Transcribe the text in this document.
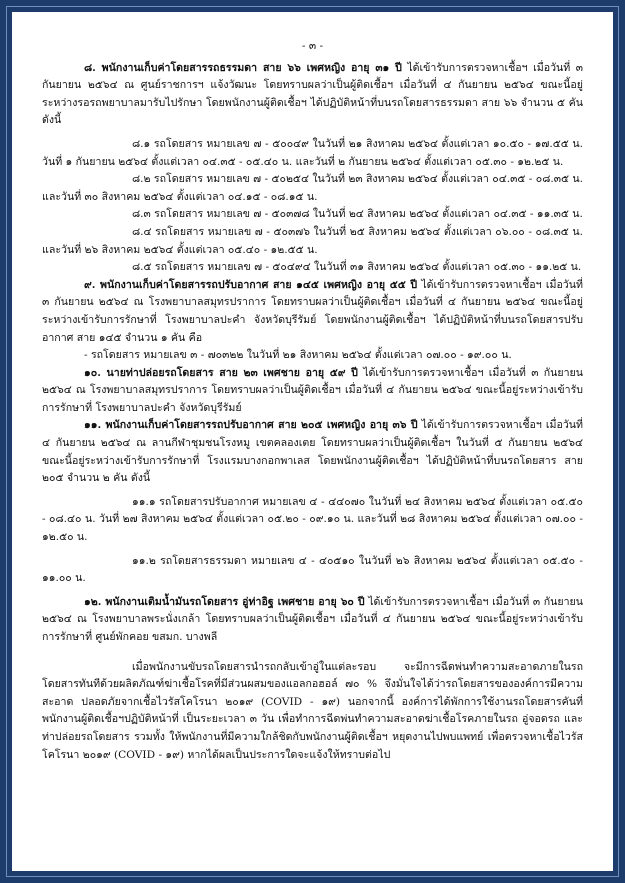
- ๓ -

๘. พนักงานเก็บค่าโดยสารรถธรรมดา สาย ๖๖ เพศหญิง อายุ ๓๑ ปี ได้เข้ารับการตรวจหาเชื้อฯ เมื่อวันที่ ๓ กันยายน ๒๕๖๔ ณ ศูนย์ราชการฯ แจ้งวัฒนะ โดยทราบผลว่าเป็นผู้ติดเชื้อฯ เมื่อวันที่ ๔ กันยายน ๒๕๖๔ ขณะนี้อยู่ระหว่างรอรถพยาบาลมารับไปรักษา โดยพนักงานผู้ติดเชื้อฯ ได้ปฏิบัติหน้าที่บนรถโดยสารธรรมดา สาย ๖๖ จำนวน ๕ คัน ดังนี้

๘.๑ รถโดยสาร หมายเลข ๗ - ๕๐๐๔๙ ในวันที่ ๒๑ สิงหาคม ๒๕๖๔ ตั้งแต่เวลา ๑๐.๕๐ - ๑๗.๕๕ น. วันที่ ๑ กันยายน ๒๕๖๔ ตั้งแต่เวลา ๐๔.๓๕ - ๐๕.๔๐ น. และวันที่ ๒ กันยายน ๒๕๖๔ ตั้งแต่เวลา ๐๕.๓๐ - ๑๒.๒๕ น.

๘.๒ รถโดยสาร หมายเลข ๗ - ๕๐๒๕๔ ในวันที่ ๒๓ สิงหาคม ๒๕๖๔ ตั้งแต่เวลา ๐๔.๓๕ - ๐๘.๓๕ น. และวันที่ ๓๐ สิงหาคม ๒๕๖๔ ตั้งแต่เวลา ๐๔.๑๕ - ๐๘.๑๕ น.

๘.๓ รถโดยสาร หมายเลข ๗ - ๕๐๓๗๘ ในวันที่ ๒๔ สิงหาคม ๒๕๖๔ ตั้งแต่เวลา ๐๔.๓๕ - ๑๑.๓๕ น.

๘.๔ รถโดยสาร หมายเลข ๗ - ๕๐๓๗๖ ในวันที่ ๒๕ สิงหาคม ๒๕๖๔ ตั้งแต่เวลา ๐๖.๐๐ - ๐๘.๓๕ น. และวันที่ ๒๖ สิงหาคม ๒๕๖๔ ตั้งแต่เวลา ๐๕.๔๐ - ๑๒.๕๕ น.

๘.๕ รถโดยสาร หมายเลข ๗ - ๕๐๔๙๔ ในวันที่ ๓๑ สิงหาคม ๒๕๖๔ ตั้งแต่เวลา ๐๕.๓๐ - ๑๑.๒๕ น.

๙. พนักงานเก็บค่าโดยสารรถปรับอากาศ สาย ๑๔๕ เพศหญิง อายุ ๕๕ ปี ได้เข้ารับการตรวจหาเชื้อฯ เมื่อวันที่ ๓ กันยายน ๒๕๖๔ ณ โรงพยาบาลสมุทรปราการ โดยทราบผลว่าเป็นผู้ติดเชื้อฯ เมื่อวันที่ ๔ กันยายน ๒๕๖๔ ขณะนี้อยู่ระหว่างเข้ารับการรักษาที่ โรงพยาบาลปะคำ จังหวัดบุรีรัมย์ โดยพนักงานผู้ติดเชื้อฯ ได้ปฏิบัติหน้าที่บนรถโดยสารปรับอากาศ สาย ๑๔๕ จำนวน ๑ คัน คือ

- รถโดยสาร หมายเลข ๓ - ๗๐๓๒๒ ในวันที่ ๒๑ สิงหาคม ๒๕๖๔ ตั้งแต่เวลา ๐๗.๐๐ - ๑๙.๐๐ น.

๑๐. นายท่าปล่อยรถโดยสาร สาย ๒๓ เพศชาย อายุ ๕๙ ปี ได้เข้ารับการตรวจหาเชื้อฯ เมื่อวันที่ ๓ กันยายน ๒๕๖๔ ณ โรงพยาบาลสมุทรปราการ โดยทราบผลว่าเป็นผู้ติดเชื้อฯ เมื่อวันที่ ๔ กันยายน ๒๕๖๔ ขณะนี้อยู่ระหว่างเข้ารับการรักษาที่ โรงพยาบาลปะคำ จังหวัดบุรีรัมย์

๑๑. พนักงานเก็บค่าโดยสารรถปรับอากาศ สาย ๒๐๕ เพศหญิง อายุ ๓๖ ปี ได้เข้ารับการตรวจหาเชื้อฯ เมื่อวันที่ ๔ กันยายน ๒๕๖๔ ณ ลานกีฬาชุมชนโรงหมู เขตคลองเตย โดยทราบผลว่าเป็นผู้ติดเชื้อฯ ในวันที่ ๕ กันยายน ๒๕๖๔ ขณะนี้อยู่ระหว่างเข้ารับการรักษาที่ โรงแรมบางกอกพาเลส โดยพนักงานผู้ติดเชื้อฯ ได้ปฏิบัติหน้าที่บนรถโดยสาร สาย ๒๐๕ จำนวน ๒ คัน ดังนี้

๑๑.๑ รถโดยสารปรับอากาศ หมายเลข ๔ - ๔๔๐๗๐ ในวันที่ ๒๔ สิงหาคม ๒๕๖๔ ตั้งแต่เวลา ๐๕.๕๐ - ๐๘.๔๐ น. วันที่ ๒๗ สิงหาคม ๒๕๖๔ ตั้งแต่เวลา ๐๕.๒๐ - ๐๙.๑๐ น. และวันที่ ๒๘ สิงหาคม ๒๕๖๔ ตั้งแต่เวลา ๐๗.๐๐ - ๑๒.๕๐ น.

๑๑.๒ รถโดยสารธรรมดา หมายเลข ๔ - ๔๐๕๑๐ ในวันที่ ๒๖ สิงหาคม ๒๕๖๔ ตั้งแต่เวลา ๐๕.๕๐ - ๑๑.๐๐ น.

๑๒. พนักงานเติมน้ำมันรถโดยสาร อู่ท่าอิฐ เพศชาย อายุ ๖๐ ปี ได้เข้ารับการตรวจหาเชื้อฯ เมื่อวันที่ ๓ กันยายน ๒๕๖๔ ณ โรงพยาบาลพระนั่งเกล้า โดยทราบผลว่าเป็นผู้ติดเชื้อฯ เมื่อวันที่ ๔ กันยายน ๒๕๖๔ ขณะนี้อยู่ระหว่างเข้ารับการรักษาที่ ศูนย์พักคอย ขสมก. บางพลี

เมื่อพนักงานขับรถโดยสารนำรถกลับเข้าอู่ในแต่ละรอบ จะมีการฉีดพ่นทำความสะอาดภายในรถโดยสารทันทีด้วยผลิตภัณฑ์ฆ่าเชื้อโรคที่มีส่วนผสมของแอลกอฮอล์ ๗๐ % จึงมั่นใจได้ว่ารถโดยสารขององค์การมีความสะอาด ปลอดภัยจากเชื้อไวรัสโคโรนา ๒๐๑๙ (COVID - ๑๙) นอกจากนี้ องค์การได้พักการใช้งานรถโดยสารคันที่พนักงานผู้ติดเชื้อฯปฏิบัติหน้าที่ เป็นระยะเวลา ๓ วัน เพื่อทำการฉีดพ่นทำความสะอาดฆ่าเชื้อโรคภายในรถ อู่จอดรถ และท่าปล่อยรถโดยสาร รวมทั้ง ให้พนักงานที่มีความใกล้ชิดกับพนักงานผู้ติดเชื้อฯ หยุดงานไปพบแพทย์ เพื่อตรวจหาเชื้อไวรัสโคโรนา ๒๐๑๙ (COVID - ๑๙) หากได้ผลเป็นประการใดจะแจ้งให้ทราบต่อไป
